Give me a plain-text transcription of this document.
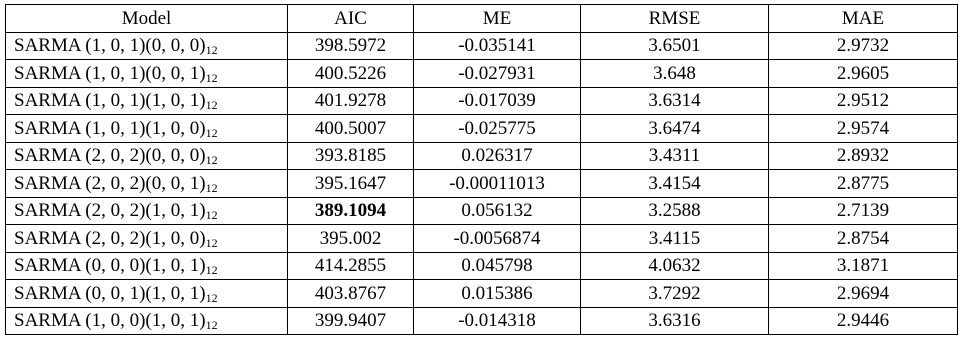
Model	AIC	ME	RMSE	MAE
SARMA (1, 0, 1)(0, 0, $0)_{12}$	398.5972	-0.035141	3.6501	2.9732
SARMA (1, 0, 1)(0, 0, $1)_{12}$	400.5226	-0.027931	3.648	2.9605
SARMA (1, 0, 1)(1, 0, $1)_{12}$	401.9278	-0.017039	3.6314	2.9512
SARMA (1, 0, 1)(1, 0, $0)_{12}$	400.5007	-0.025775	3.6474	2.9574
SARMA (2, 0, 2)(0, 0, $0)_{12}$	393.8185	0.026317	3.4311	2.8932
SARMA (2, 0, 2)(0, 0, $1)_{12}$	395.1647	-0.00011013	3.4154	2.8775
SARMA (2, 0, 2)(1, 0, $1)_{12}$	389.1094	0.056132	3.2588	2.7139
SARMA (2, 0, 2)(1, 0, $0)_{12}$	395.002	-0.0056874	3.4115	2.8754
SARMA (0, 0, 0)(1, 0, $1)_{12}$	414.2855	0.045798	4.0632	3.1871
SARMA (0, 0, 1)(1, 0, $1)_{12}$	403.8767	0.015386	3.7292	2.9694
SARMA (1, 0, 0)(1, 0, $1)_{12}$	399.9407	-0.014318	3.6316	2.9446
